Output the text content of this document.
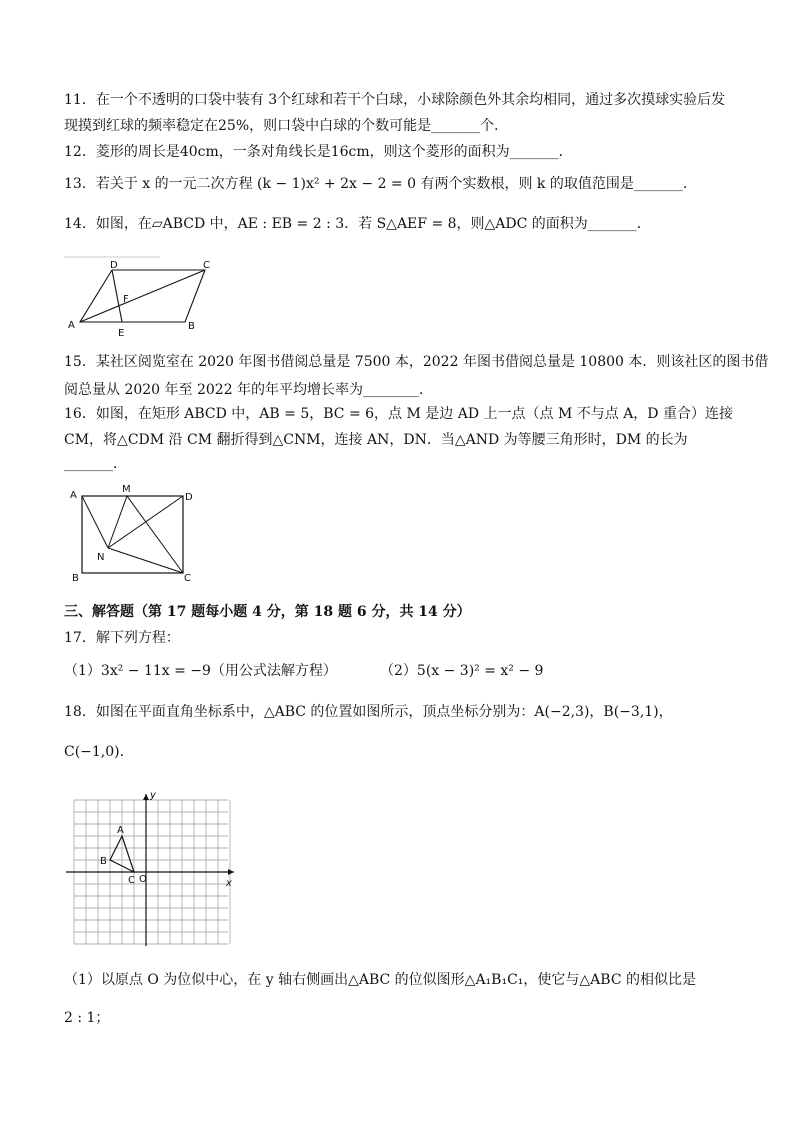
11．在一个不透明的口袋中装有 3个红球和若干个白球，小球除颜色外其余均相同，通过多次摸球实验后发
现摸到红球的频率稳定在25%，则口袋中白球的个数可能是_______个．
12．菱形的周长是40cm，一条对角线长是16cm，则这个菱形的面积为_______．
13．若关于 x 的一元二次方程 (k − 1)x² + 2x − 2 = 0 有两个实数根，则 k 的取值范围是_______．
14．如图，在▱ABCD 中，AE : EB = 2 : 3．若 S△AEF = 8，则△ADC 的面积为_______．
A	B
C
D
E
F
15．某社区阅览室在 2020 年图书借阅总量是 7500 本，2022 年图书借阅总量是 10800 本．则该社区的图书借
阅总量从 2020 年至 2022 年的年平均增长率为________．
16．如图，在矩形 ABCD 中，AB = 5，BC = 6，点 M 是边 AD 上一点（点 M 不与点 A，D 重合）连接
CM，将△CDM 沿 CM 翻折得到△CNM，连接 AN，DN．当△AND 为等腰三角形时，DM 的长为
_______．
A
B	C
D
M
N
三、解答题（第 17 题每小题 4 分，第 18 题 6 分，共 14 分）
17．解下列方程：
（1）3x² − 11x = −9（用公式法解方程）	（2）5(x − 3)² = x² − 9
18．如图在平面直角坐标系中，△ABC 的位置如图所示，顶点坐标分别为：A(−2,3)，B(−3,1)，
C(−1,0)．
A
B
C O	x
y
（1）以原点 O 为位似中心，在 y 轴右侧画出△ABC 的位似图形△A₁B₁C₁，使它与△ABC 的相似比是
2 : 1；
